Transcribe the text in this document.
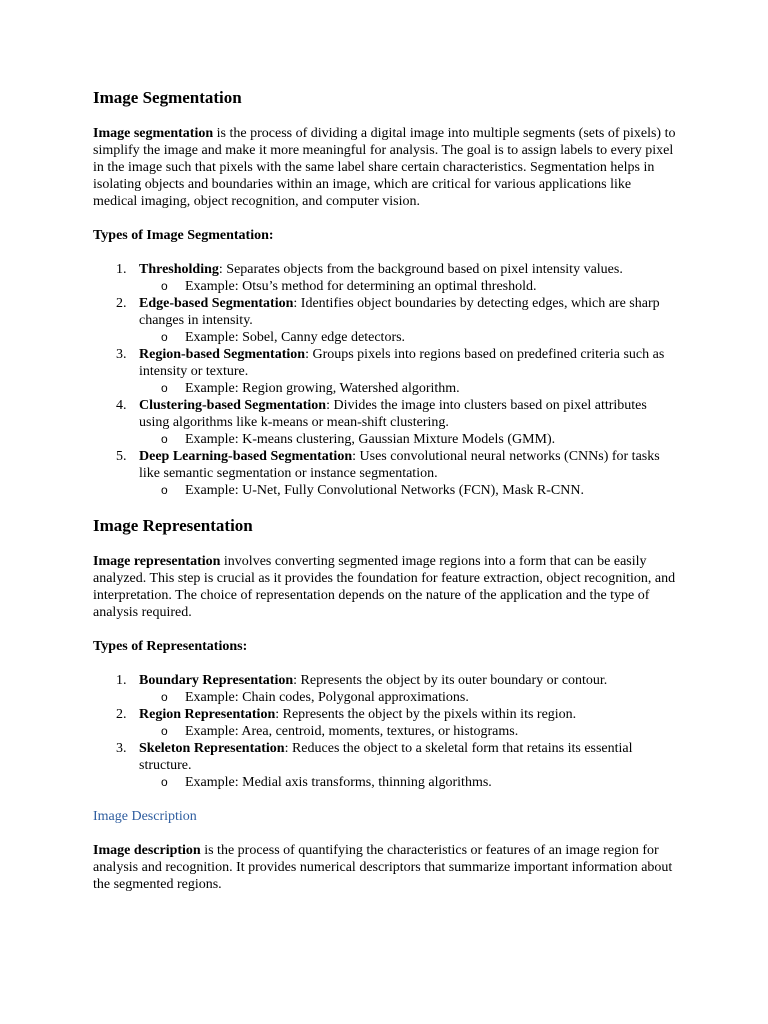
Image Segmentation

Image segmentation is the process of dividing a digital image into multiple segments (sets of pixels) to simplify the image and make it more meaningful for analysis. The goal is to assign labels to every pixel in the image such that pixels with the same label share certain characteristics. Segmentation helps in isolating objects and boundaries within an image, which are critical for various applications like medical imaging, object recognition, and computer vision.

Types of Image Segmentation:

1. Thresholding: Separates objects from the background based on pixel intensity values.
o Example: Otsu’s method for determining an optimal threshold.
2. Edge-based Segmentation: Identifies object boundaries by detecting edges, which are sharp changes in intensity.
o Example: Sobel, Canny edge detectors.
3. Region-based Segmentation: Groups pixels into regions based on predefined criteria such as intensity or texture.
o Example: Region growing, Watershed algorithm.
4. Clustering-based Segmentation: Divides the image into clusters based on pixel attributes using algorithms like k-means or mean-shift clustering.
o Example: K-means clustering, Gaussian Mixture Models (GMM).
5. Deep Learning-based Segmentation: Uses convolutional neural networks (CNNs) for tasks like semantic segmentation or instance segmentation.
o Example: U-Net, Fully Convolutional Networks (FCN), Mask R-CNN.
Image Representation

Image representation involves converting segmented image regions into a form that can be easily analyzed. This step is crucial as it provides the foundation for feature extraction, object recognition, and interpretation. The choice of representation depends on the nature of the application and the type of analysis required.

Types of Representations:

1. Boundary Representation: Represents the object by its outer boundary or contour.
o Example: Chain codes, Polygonal approximations.
2. Region Representation: Represents the object by the pixels within its region.
o Example: Area, centroid, moments, textures, or histograms.
3. Skeleton Representation: Reduces the object to a skeletal form that retains its essential structure.
o Example: Medial axis transforms, thinning algorithms.
Image Description

Image description is the process of quantifying the characteristics or features of an image region for analysis and recognition. It provides numerical descriptors that summarize important information about the segmented regions.
